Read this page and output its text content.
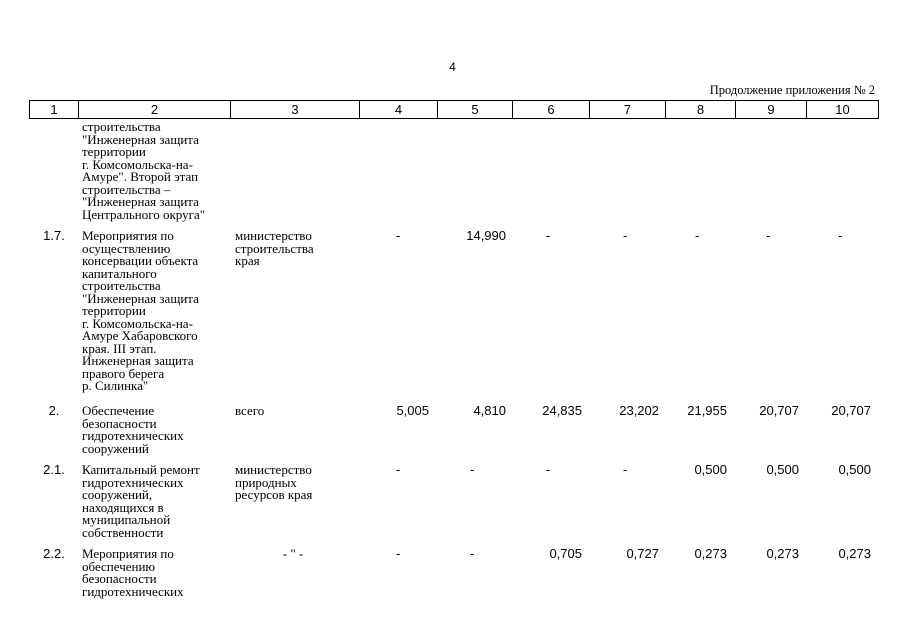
4
Продолжение приложения № 2
1	2	3	4	5	6	7	8	9	10
строительства
"Инженерная защита
территории
г. Комсомольска-на-
Амуре". Второй этап
строительства –
"Инженерная защита
Центрального округа"
1.7.	Мероприятия по
осуществлению
консервации объекта
капитального
строительства
"Инженерная защита
территории
г. Комсомольска-на-
Амуре Хабаровского
края. III этап.
Инженерная защита
правого берега
р. Силинка"
министерство
строительства
края
-	14,990	-	-	-	-	-
2.	Обеспечение
безопасности
гидротехнических
сооружений
всего	5,005	4,810	24,835	23,202	21,955	20,707	20,707
2.1.	Капитальный ремонт
гидротехнических
сооружений,
находящихся в
муниципальной
собственности
министерство
природных
ресурсов края
-	-	-	-	0,500	0,500	0,500
2.2.	Мероприятия по
обеспечению
безопасности
гидротехнических
- " -	-	-	0,705	0,727	0,273	0,273	0,273
